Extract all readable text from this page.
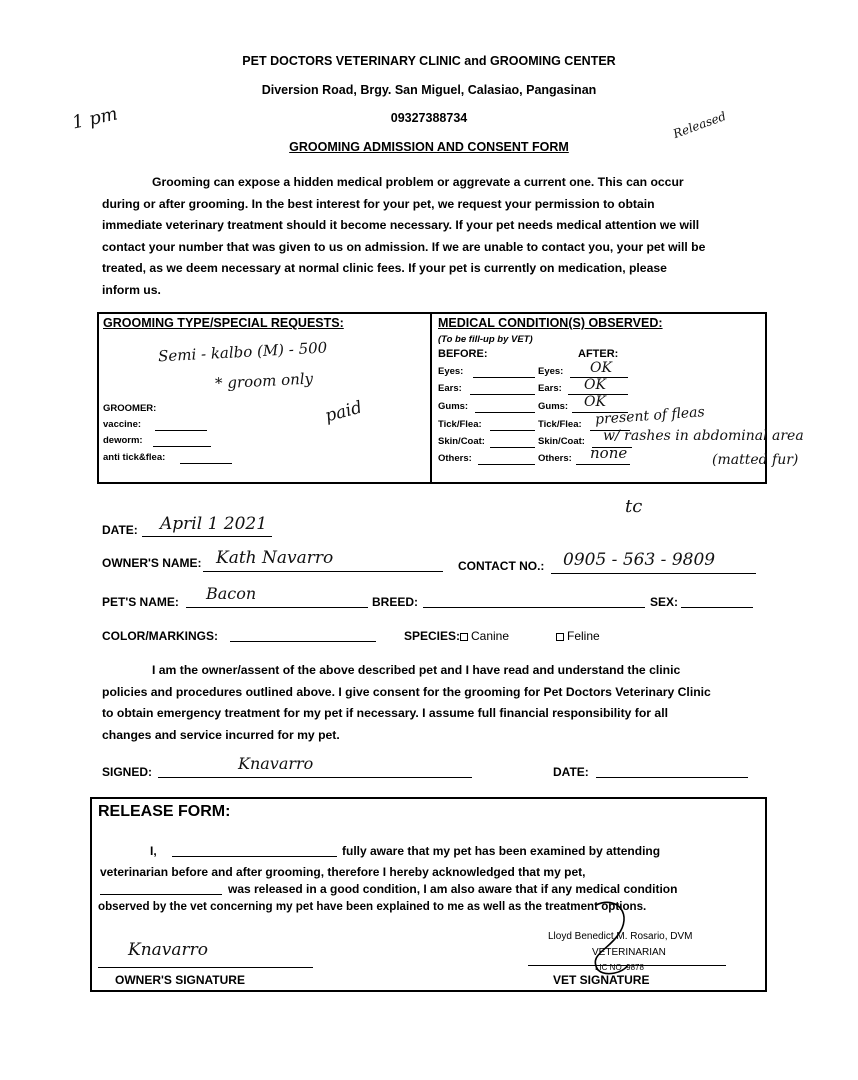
PET DOCTORS VETERINARY CLINIC and GROOMING CENTER
Diversion Road, Brgy. San Miguel, Calasiao, Pangasinan
09327388734
GROOMING ADMISSION AND CONSENT FORM
1 pm	Released
Grooming can expose a hidden medical problem or aggrevate a current one. This can occur
during or after grooming. In the best interest for your pet, we request your permission to obtain
immediate veterinary treatment should it become necessary. If your pet needs medical attention we will
contact your number that was given to us on admission. If we are unable to contact you, your pet will be
treated, as we deem necessary at normal clinic fees. If your pet is currently on medication, please
inform us.
GROOMING TYPE/SPECIAL REQUESTS:
Semi - kalbo (M) - 500
* groom only
paid
GROOMER:
vaccine:
deworm:
anti tick&flea:
MEDICAL CONDITION(S) OBSERVED:
(To be fill-up by VET)
BEFORE:	AFTER:
Eyes:	Eyes: OK
Ears:	Ears: OK
Gums:	Gums: OK
Tick/Flea:	Tick/Flea: present of fleas
Skin/Coat:	Skin/Coat: w/ rashes in abdominal area
Others:	Others: none	(matted fur)
tc
DATE: April 1 2021
OWNER'S NAME: Kath Navarro	CONTACT NO.: 0905 - 563 - 9809
PET'S NAME: Bacon	BREED:	SEX:
COLOR/MARKINGS:	SPECIES: Canine	Feline
I am the owner/assent of the above described pet and I have read and understand the clinic
policies and procedures outlined above. I give consent for the grooming for Pet Doctors Veterinary Clinic
to obtain emergency treatment for my pet if necessary. I assume full financial responsibility for all
changes and service incurred for my pet.
SIGNED:	Knavarro	DATE:
RELEASE FORM:
I,	fully aware that my pet has been examined by attending
veterinarian before and after grooming, therefore I hereby acknowledged that my pet,
was released in a good condition, I am also aware that if any medical condition
observed by the vet concerning my pet have been explained to me as well as the treatment options.
Knavarro
OWNER'S SIGNATURE
Lloyd Benedict M. Rosario, DVM
VETERINARIAN
LIC NO. 9878
VET SIGNATURE
